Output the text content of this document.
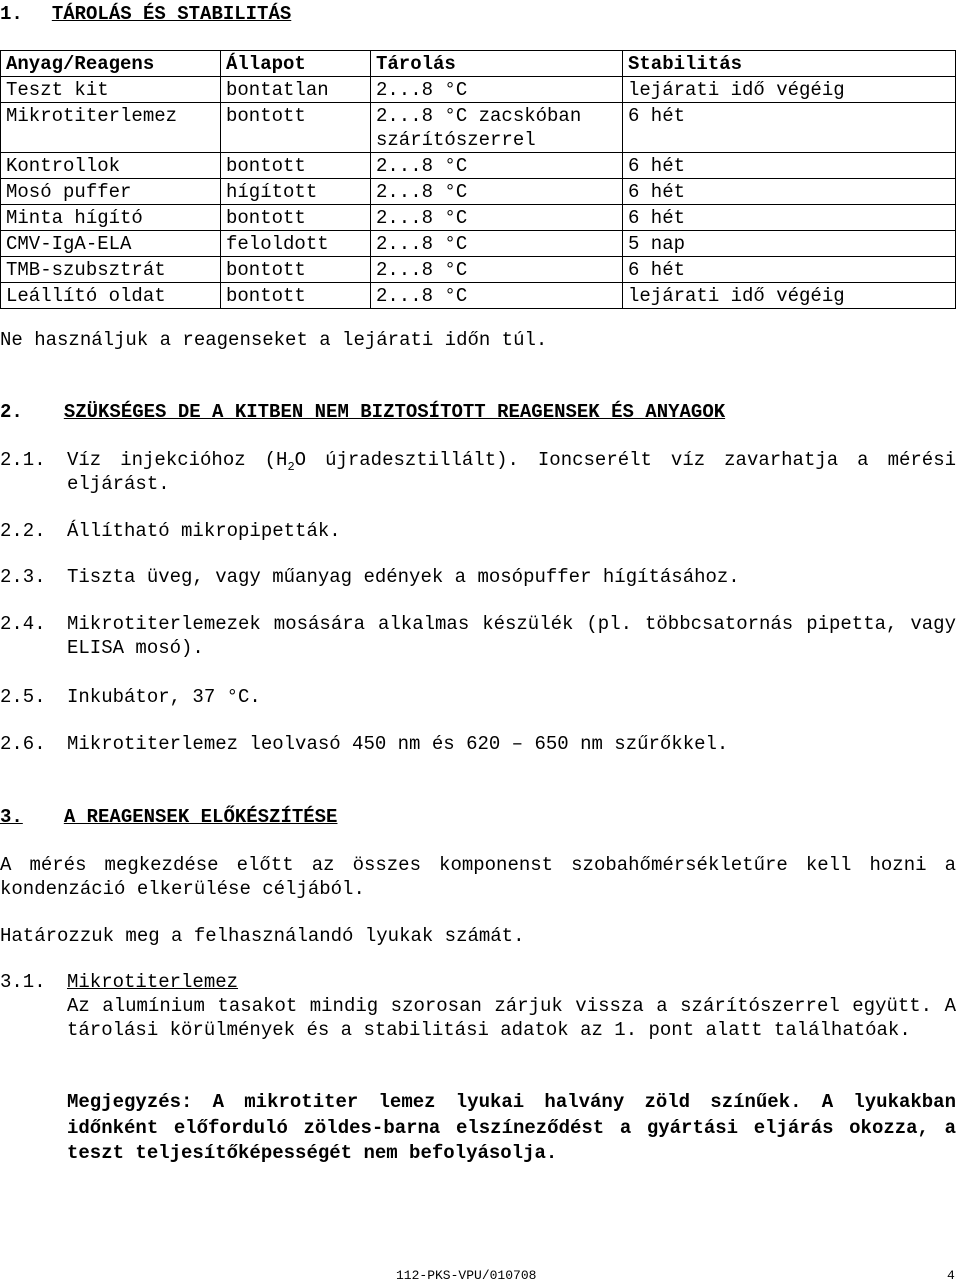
1. TÁROLÁS ÉS STABILITÁS
Anyag/Reagens	Állapot	Tárolás	Stabilitás
Teszt kit	bontatlan	2...8 °C	lejárati idő végéig
Mikrotiterlemez	bontott	2...8 °C zacskóban szárítószerrel	6 hét
Kontrollok	bontott	2...8 °C	6 hét
Mosó puffer	hígított	2...8 °C	6 hét
Minta hígító	bontott	2...8 °C	6 hét
CMV-IgA-ELA	feloldott	2...8 °C	5 nap
TMB-szubsztrát	bontott	2...8 °C	6 hét
Leállító oldat	bontott	2...8 °C	lejárati idő végéig
Ne használjuk a reagenseket a lejárati időn túl.
2. SZÜKSÉGES DE A KITBEN NEM BIZTOSÍTOTT REAGENSEK ÉS ANYAGOK
2.1. Víz injekcióhoz ($H_2O$ újradesztillált). Ioncserélt víz zavarhatja a mérési eljárást.
2.2. Állítható mikropipetták.
2.3. Tiszta üveg, vagy műanyag edények a mosópuffer hígításához.
2.4. Mikrotiterlemezek mosására alkalmas készülék (pl. többcsatornás pipetta, vagy ELISA mosó).
2.5. Inkubátor, 37 °C.
2.6. Mikrotiterlemez leolvasó 450 nm és 620 – 650 nm szűrőkkel.
3. A REAGENSEK ELŐKÉSZÍTÉSE
A mérés megkezdése előtt az összes komponenst szobahőmérsékletűre kell hozni a kondenzáció elkerülése céljából.
Határozzuk meg a felhasználandó lyukak számát.
3.1. Mikrotiterlemez
Az alumínium tasakot mindig szorosan zárjuk vissza a szárítószerrel együtt. A tárolási körülmények és a stabilitási adatok az 1. pont alatt találhatóak.
Megjegyzés: A mikrotiter lemez lyukai halvány zöld színűek. A lyukakban időnként előforduló zöldes-barna elszíneződést a gyártási eljárás okozza, a teszt teljesítőképességét nem befolyásolja.
112-PKS-VPU/010708	4
